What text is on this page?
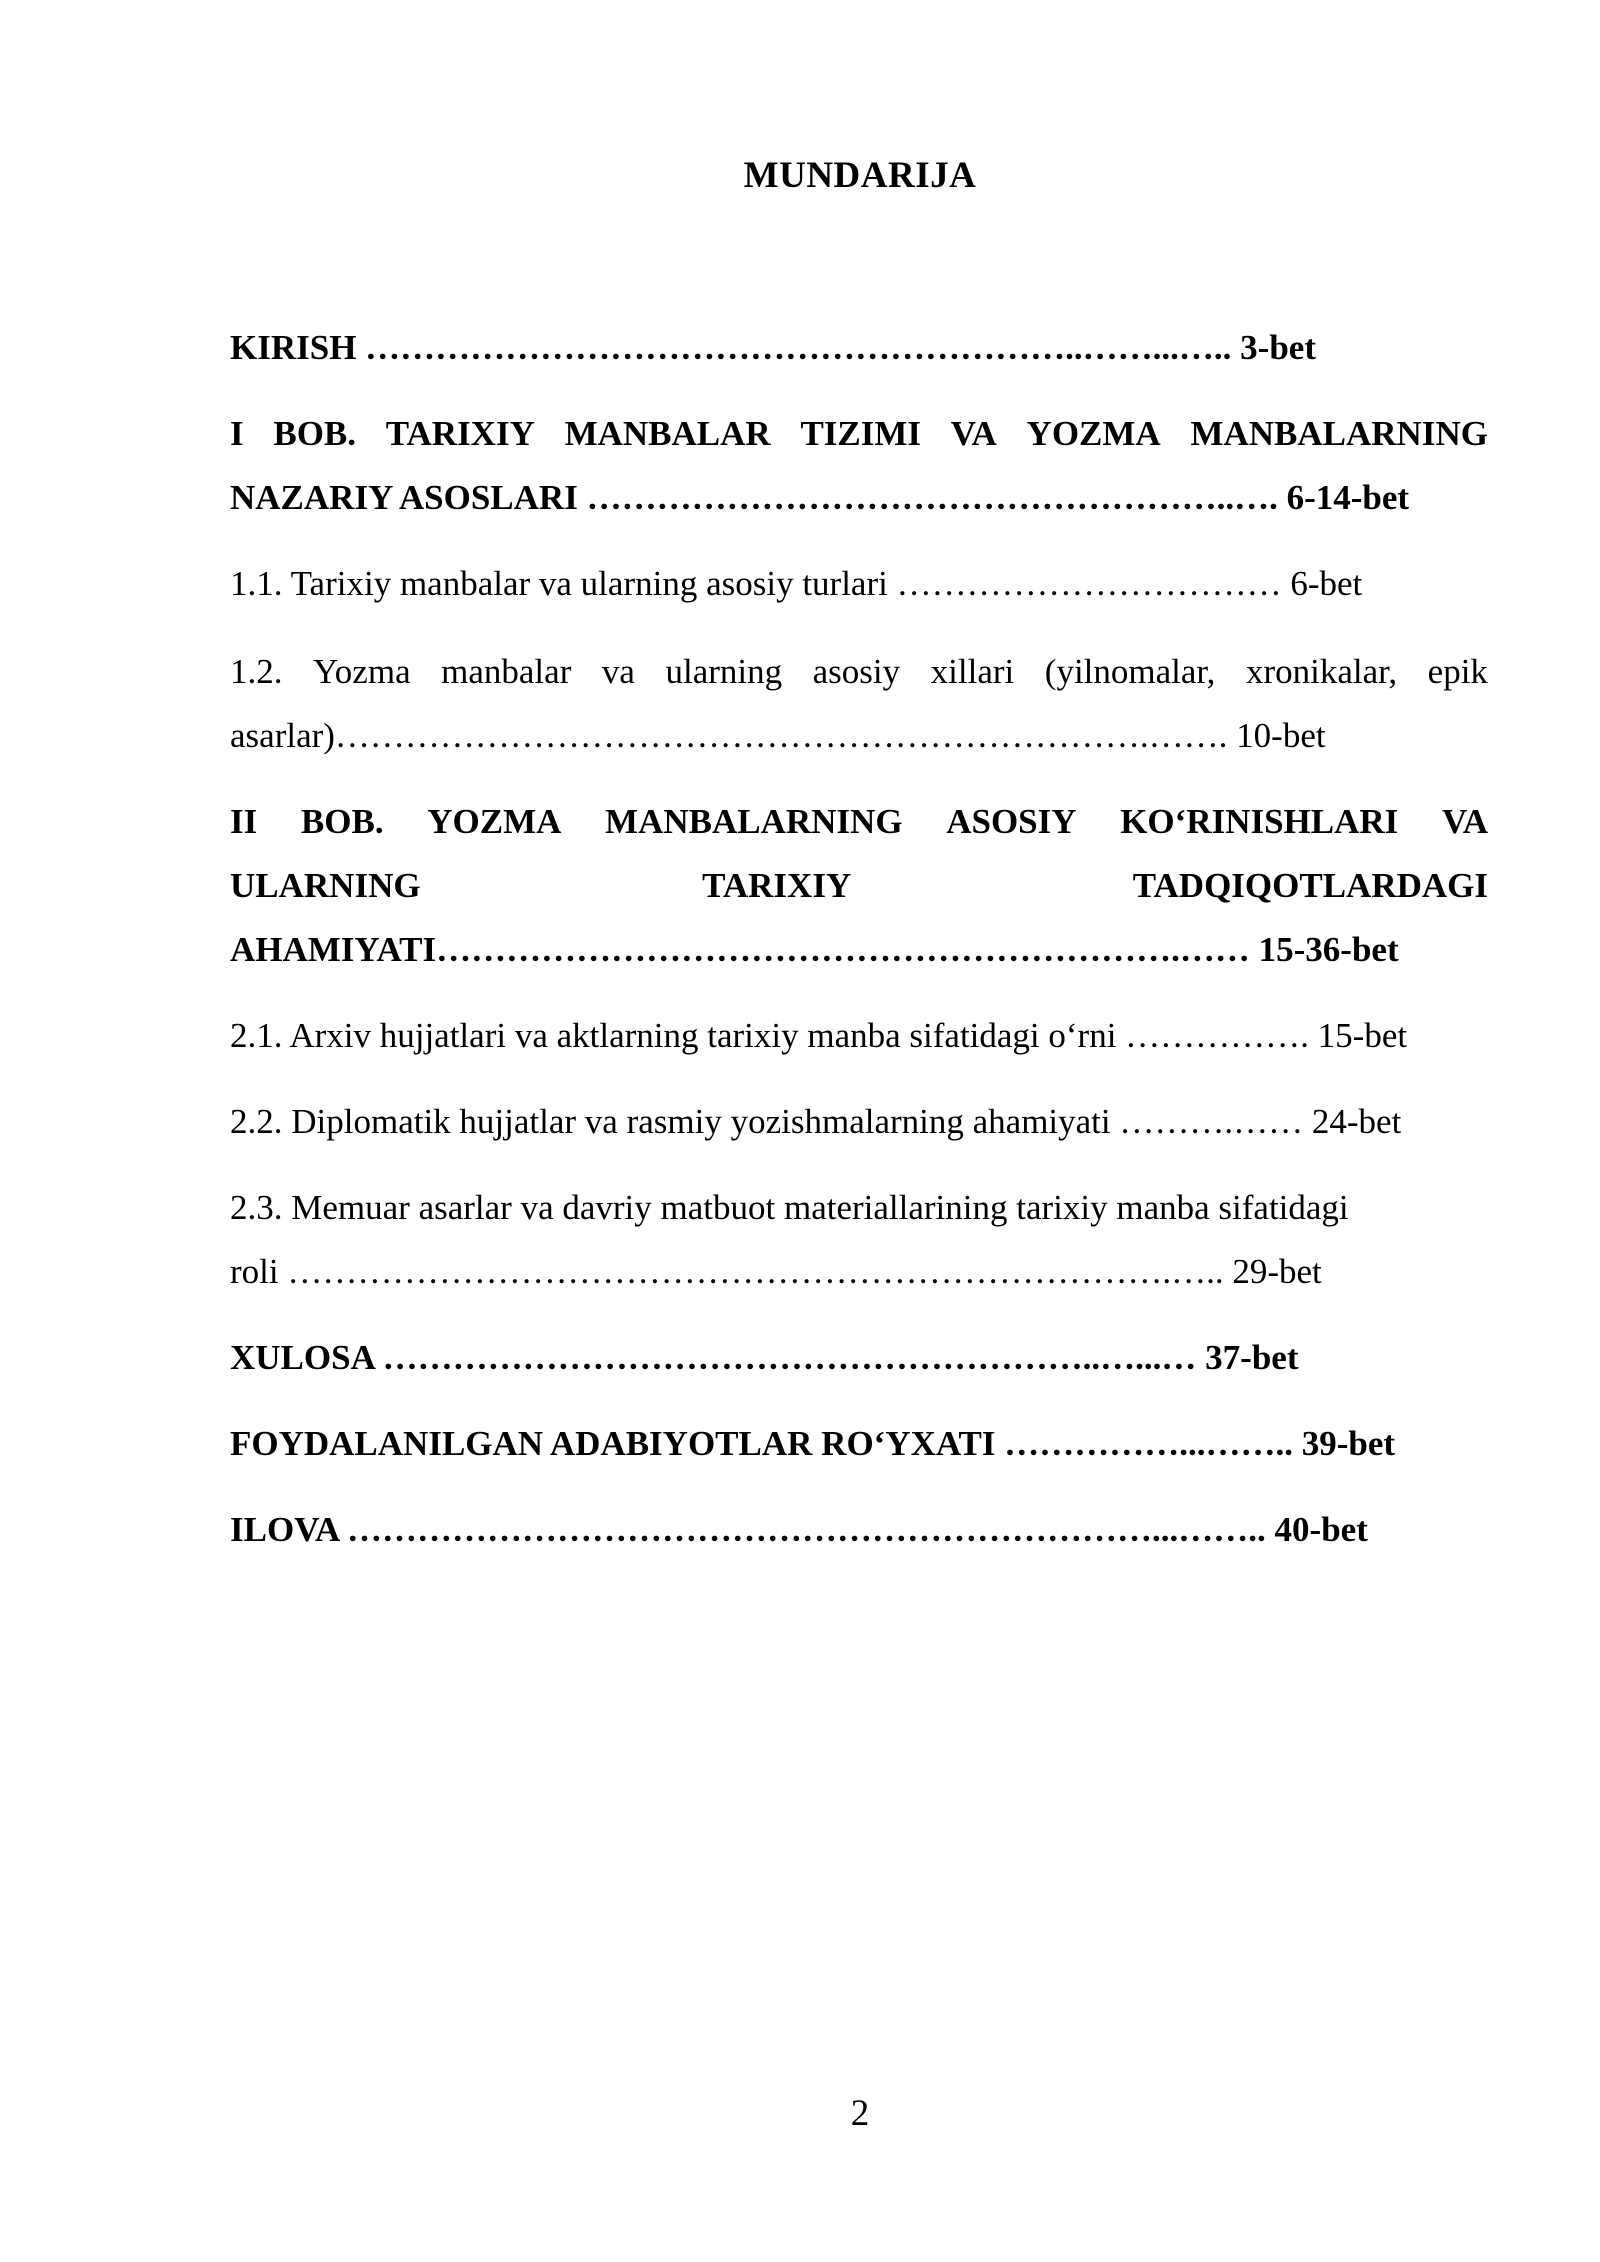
MUNDARIJA
KIRISH ……………………………………………………..……...….. 3-bet
I BOB. TARIXIY MANBALAR TIZIMI VA YOZMA MANBALARNING
NAZARIY ASOSLARI ………………………………………………..…. 6-14-bet
1.1. Tarixiy manbalar va ularning asosiy turlari …………………………… 6-bet
1.2. Yozma manbalar va ularning asosiy xillari (yilnomalar, xronikalar, epik
asarlar)…………………………………………………………….……. 10-bet
II BOB. YOZMA MANBALARNING ASOSIY KO‘RINISHLARI VA
ULARNING	TARIXIY	TADQIQOTLARDAGI
AHAMIYATI……………………………………………………….…… 15-36-bet
2.1. Arxiv hujjatlari va aktlarning tarixiy manba sifatidagi o‘rni ……………. 15-bet
2.2. Diplomatik hujjatlar va rasmiy yozishmalarning ahamiyati ……….…… 24-bet
2.3. Memuar asarlar va davriy matbuot materiallarining tarixiy manba sifatidagi
roli ………………………………………………………………….….. 29-bet
XULOSA ……………………………………………………..…...… 37-bet
FOYDALANILGAN ADABIYOTLAR RO‘YXATI ……………...…….. 39-bet
ILOVA ……………………………………………………………...…….. 40-bet
2
